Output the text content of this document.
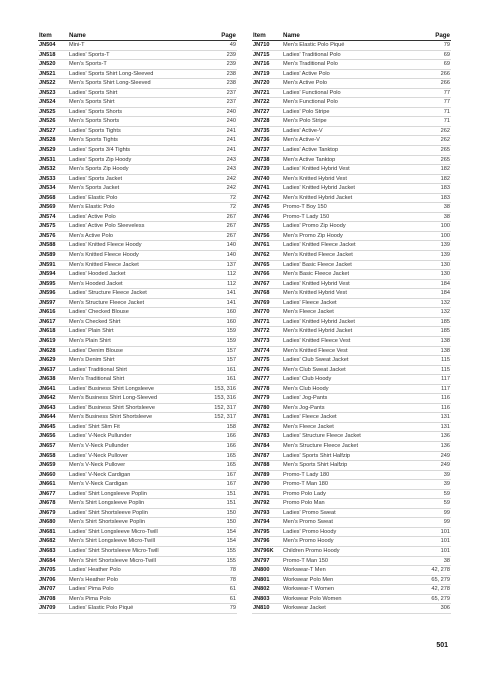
Item	Name	Page
JN504	Mini-T	49
JN518	Ladies' Sports-T	239
JN520	Men's Sports-T	239
JN521	Ladies' Sports Shirt Long-Sleeved	238
JN522	Men's Sports Shirt Long-Sleeved	238
JN523	Ladies' Sports Shirt	237
JN524	Men's Sports Shirt	237
JN525	Ladies' Sports Shorts	240
JN526	Men's Sports Shorts	240
JN527	Ladies' Sports Tights	241
JN528	Men's Sports Tights	241
JN529	Ladies' Sports 3/4 Tights	241
JN531	Ladies' Sports Zip Hoody	243
JN532	Men's Sports Zip Hoody	243
JN533	Ladies' Sports Jacket	242
JN534	Men's Sports Jacket	242
JN568	Ladies' Elastic Polo	72
JN569	Men's Elastic Polo	72
JN574	Ladies' Active Polo	267
JN575	Ladies' Active Polo Sleeveless	267
JN576	Men's Active Polo	267
JN588	Ladies' Knitted Fleece Hoody	140
JN589	Men's Knitted Fleece Hoody	140
JN591	Men's Knitted Fleece Jacket	137
JN594	Ladies' Hooded Jacket	112
JN595	Men's Hooded Jacket	112
JN596	Ladies' Structure Fleece Jacket	141
JN597	Men's Structure Fleece Jacket	141
JN616	Ladies' Checked Blouse	160
JN617	Men's Checked Shirt	160
JN618	Ladies' Plain Shirt	159
JN619	Men's Plain Shirt	159
JN628	Ladies' Denim Blouse	157
JN629	Men's Denim Shirt	157
JN637	Ladies' Traditional Shirt	161
JN638	Men's Traditional Shirt	161
JN641	Ladies' Business Shirt Longsleeve	153, 316
JN642	Men's Business Shirt Long-Sleeved	153, 316
JN643	Ladies' Business Shirt Shortsleeve	152, 317
JN644	Men's Business Shirt Shortsleeve	152, 317
JN645	Ladies' Shirt Slim Fit	158
JN656	Ladies' V-Neck Pullunder	166
JN657	Men's V-Neck Pullunder	166
JN658	Ladies' V-Neck Pullover	165
JN659	Men's V-Neck Pullover	165
JN660	Ladies' V-Neck Cardigan	167
JN661	Men's V-Neck Cardigan	167
JN677	Ladies' Shirt Longsleeve Poplin	151
JN678	Men's Shirt Longsleeve Poplin	151
JN679	Ladies' Shirt Shortsleeve Poplin	150
JN680	Men's Shirt Shortsleeve Poplin	150
JN681	Ladies' Shirt Longsleeve Micro-Twill	154
JN682	Men's Shirt Longsleeve Micro-Twill	154
JN683	Ladies' Shirt Shortsleeve Micro-Twill	155
JN684	Men's Shirt Shortsleeve Micro-Twill	155
JN705	Ladies' Heather Polo	78
JN706	Men's Heather Polo	78
JN707	Ladies' Pima Polo	61
JN708	Men's Pima Polo	61
JN709	Ladies' Elastic Polo Piqué	79
Item	Name	Page
JN710	Men's Elastic Polo Piqué	79
JN715	Ladies' Traditional Polo	69
JN716	Men's Traditional Polo	69
JN719	Ladies' Active Polo	266
JN720	Men's Active Polo	266
JN721	Ladies' Functional Polo	77
JN722	Men's Functional Polo	77
JN727	Ladies' Polo Stripe	71
JN728	Men's Polo Stripe	71
JN735	Ladies' Active-V	262
JN736	Men's Active-V	262
JN737	Ladies' Active Tanktop	265
JN738	Men's Active Tanktop	265
JN739	Ladies' Knitted Hybrid Vest	182
JN740	Men's Knitted Hybrid Vest	182
JN741	Ladies' Knitted Hybrid Jacket	183
JN742	Men's Knitted Hybrid Jacket	183
JN745	Promo-T Boy 150	38
JN746	Promo-T Lady 150	38
JN755	Ladies' Promo Zip Hoody	100
JN756	Men's Promo Zip Hoody	100
JN761	Ladies' Knitted Fleece Jacket	139
JN762	Men's Knitted Fleece Jacket	139
JN765	Ladies' Basic Fleece Jacket	130
JN766	Men's Basic Fleece Jacket	130
JN767	Ladies' Knitted Hybrid Vest	184
JN768	Men's Knitted Hybrid Vest	184
JN769	Ladies' Fleece Jacket	132
JN770	Men's Fleece Jacket	132
JN771	Ladies' Knitted Hybrid Jacket	185
JN772	Men's Knitted Hybrid Jacket	185
JN773	Ladies' Knitted Fleece Vest	138
JN774	Men's Knitted Fleece Vest	138
JN775	Ladies' Club Sweat Jacket	115
JN776	Men's Club Sweat Jacket	115
JN777	Ladies' Club Hoody	117
JN778	Men's Club Hoody	117
JN779	Ladies' Jog-Pants	116
JN780	Men's Jog-Pants	116
JN781	Ladies' Fleece Jacket	131
JN782	Men's Fleece Jacket	131
JN783	Ladies' Structure Fleece Jacket	136
JN784	Men's Structure Fleece Jacket	136
JN787	Ladies' Sports Shirt Halfzip	249
JN788	Men's Sports Shirt Halfzip	249
JN789	Promo-T Lady 180	39
JN790	Promo-T Man 180	39
JN791	Promo Polo Lady	59
JN792	Promo Polo Man	59
JN793	Ladies' Promo Sweat	99
JN794	Men's Promo Sweat	99
JN795	Ladies' Promo Hoody	101
JN796	Men's Promo Hoody	101
JN796K	Children Promo Hoody	101
JN797	Promo-T Man 150	38
JN800	Workwear-T Men	42, 278
JN801	Workwear Polo Men	65, 279
JN802	Workwear-T Women	42, 278
JN803	Workwear Polo Women	65, 279
JN810	Workwear Jacket	306
501
